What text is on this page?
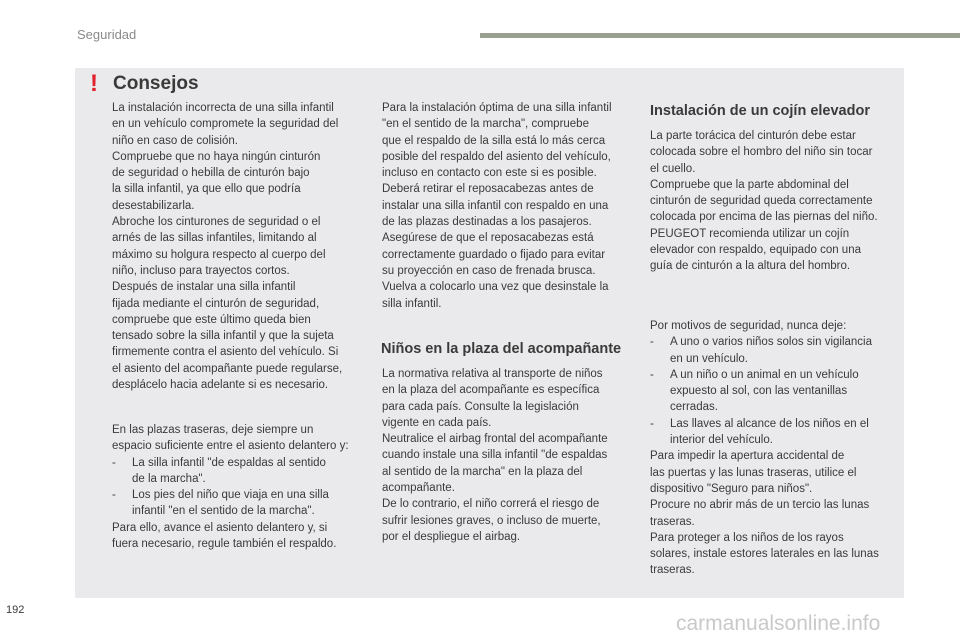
Seguridad
! Consejos

La instalación incorrecta de una silla infantil

en un vehículo compromete la seguridad del

niño en caso de colisión.

Compruebe que no haya ningún cinturón

de seguridad o hebilla de cinturón bajo

la silla infantil, ya que ello que podría

desestabilizarla.

Abroche los cinturones de seguridad o el

arnés de las sillas infantiles, limitando al

máximo su holgura respecto al cuerpo del

niño, incluso para trayectos cortos.

Después de instalar una silla infantil

fijada mediante el cinturón de seguridad,

compruebe que este último queda bien

tensado sobre la silla infantil y que la sujeta

firmemente contra el asiento del vehículo. Si

el asiento del acompañante puede regularse,

desplácelo hacia adelante si es necesario.

En las plazas traseras, deje siempre un

espacio suficiente entre el asiento delantero y:

- La silla infantil "de espaldas al sentido

de la marcha".

- Los pies del niño que viaja en una silla

infantil "en el sentido de la marcha".

Para ello, avance el asiento delantero y, si

fuera necesario, regule también el respaldo.

Para la instalación óptima de una silla infantil

"en el sentido de la marcha", compruebe

que el respaldo de la silla está lo más cerca

posible del respaldo del asiento del vehículo,

incluso en contacto con este si es posible.

Deberá retirar el reposacabezas antes de

instalar una silla infantil con respaldo en una

de las plazas destinadas a los pasajeros.

Asegúrese de que el reposacabezas está

correctamente guardado o fijado para evitar

su proyección en caso de frenada brusca.

Vuelva a colocarlo una vez que desinstale la

silla infantil.

Niños en la plaza del acompañante

La normativa relativa al transporte de niños

en la plaza del acompañante es específica

para cada país. Consulte la legislación

vigente en cada país.

Neutralice el airbag frontal del acompañante

cuando instale una silla infantil "de espaldas

al sentido de la marcha" en la plaza del

acompañante.

De lo contrario, el niño correrá el riesgo de

sufrir lesiones graves, o incluso de muerte,

por el despliegue el airbag.

Instalación de un cojín elevador

La parte torácica del cinturón debe estar

colocada sobre el hombro del niño sin tocar

el cuello.

Compruebe que la parte abdominal del

cinturón de seguridad queda correctamente

colocada por encima de las piernas del niño.

PEUGEOT recomienda utilizar un cojín

elevador con respaldo, equipado con una

guía de cinturón a la altura del hombro.

Por motivos de seguridad, nunca deje:

- A uno o varios niños solos sin vigilancia

en un vehículo.

- A un niño o un animal en un vehículo

expuesto al sol, con las ventanillas

cerradas.

- Las llaves al alcance de los niños en el

interior del vehículo.

Para impedir la apertura accidental de

las puertas y las lunas traseras, utilice el

dispositivo "Seguro para niños".

Procure no abrir más de un tercio las lunas

traseras.

Para proteger a los niños de los rayos

solares, instale estores laterales en las lunas

traseras.

192
carmanualsonline.info
